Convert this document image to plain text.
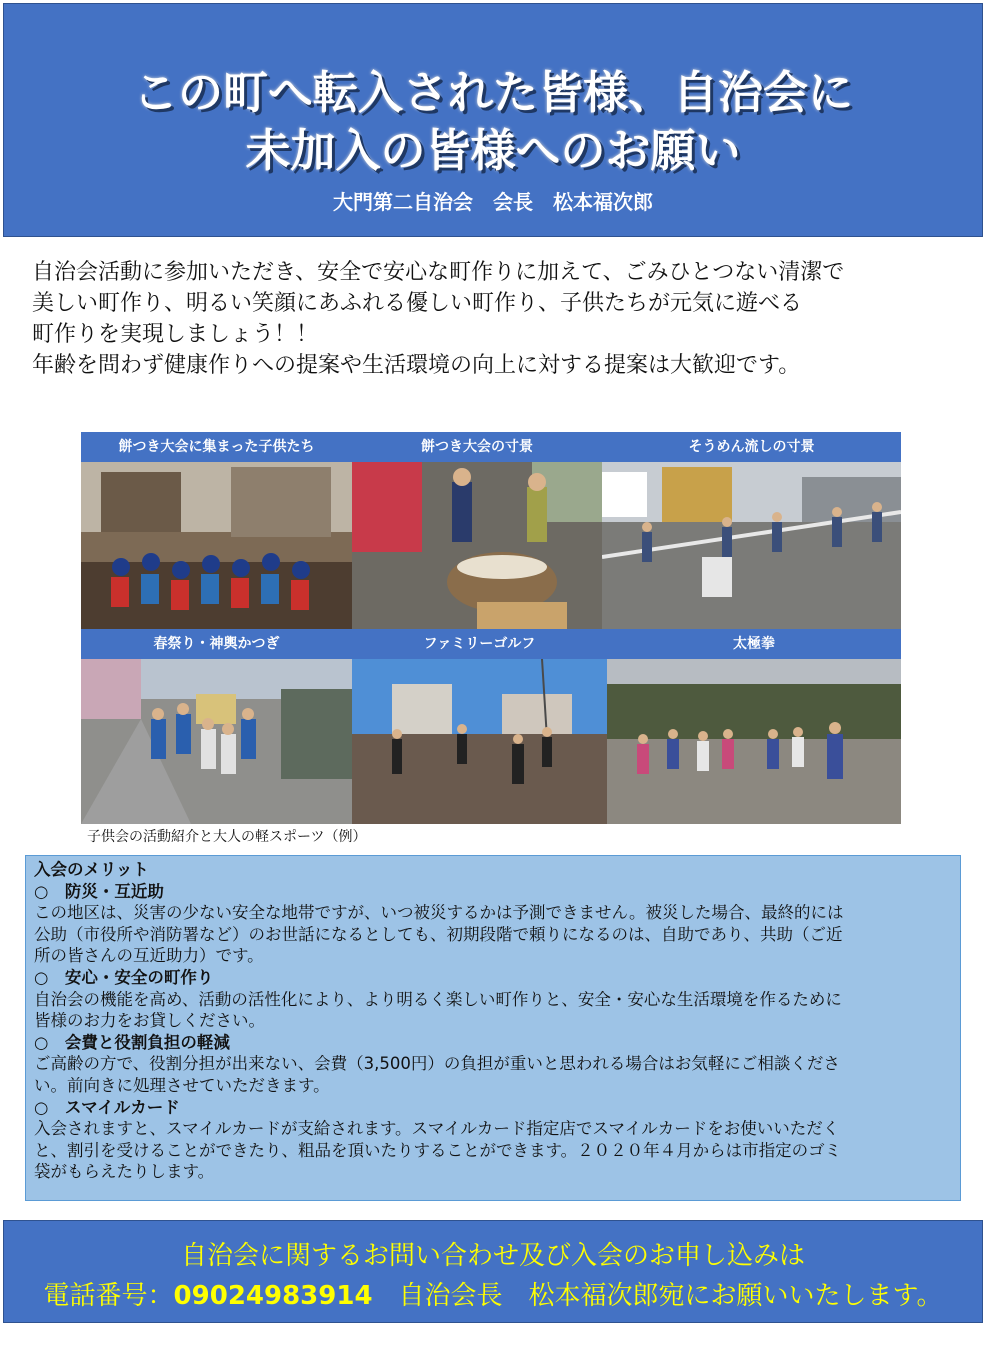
この町へ転入された皆様、自治会に
未加入の皆様へのお願い
大門第二自治会　会長　松本福次郎
自治会活動に参加いただき、安全で安心な町作りに加えて、ごみひとつない清潔で
美しい町作り、明るい笑顔にあふれる優しい町作り、子供たちが元気に遊べる
町作りを実現しましょう！！
年齢を問わず健康作りへの提案や生活環境の向上に対する提案は大歓迎です。
餅つき大会に集まった子供たち	餅つき大会の寸景	そうめん流しの寸景
春祭り・神輿かつぎ	ファミリーゴルフ	太極拳
子供会の活動紹介と大人の軽スポーツ（例）
入会のメリット
○　防災・互近助
この地区は、災害の少ない安全な地帯ですが、いつ被災するかは予測できません。被災した場合、最終的には
公助（市役所や消防署など）のお世話になるとしても、初期段階で頼りになるのは、自助であり、共助（ご近
所の皆さんの互近助力）です。
○　安心・安全の町作り
自治会の機能を高め、活動の活性化により、より明るく楽しい町作りと、安全・安心な生活環境を作るために
皆様のお力をお貸しください。
○　会費と役割負担の軽減
ご高齢の方で、役割分担が出来ない、会費（3,500円）の負担が重いと思われる場合はお気軽にご相談くださ
い。前向きに処理させていただきます。
○　スマイルカード
入会されますと、スマイルカードが支給されます。スマイルカード指定店でスマイルカードをお使いいただく
と、割引を受けることができたり、粗品を頂いたりすることができます。２０２０年４月からは市指定のゴミ
袋がもらえたりします。
自治会に関するお問い合わせ及び入会のお申し込みは
電話番号：09024983914　自治会長　松本福次郎宛にお願いいたします。
